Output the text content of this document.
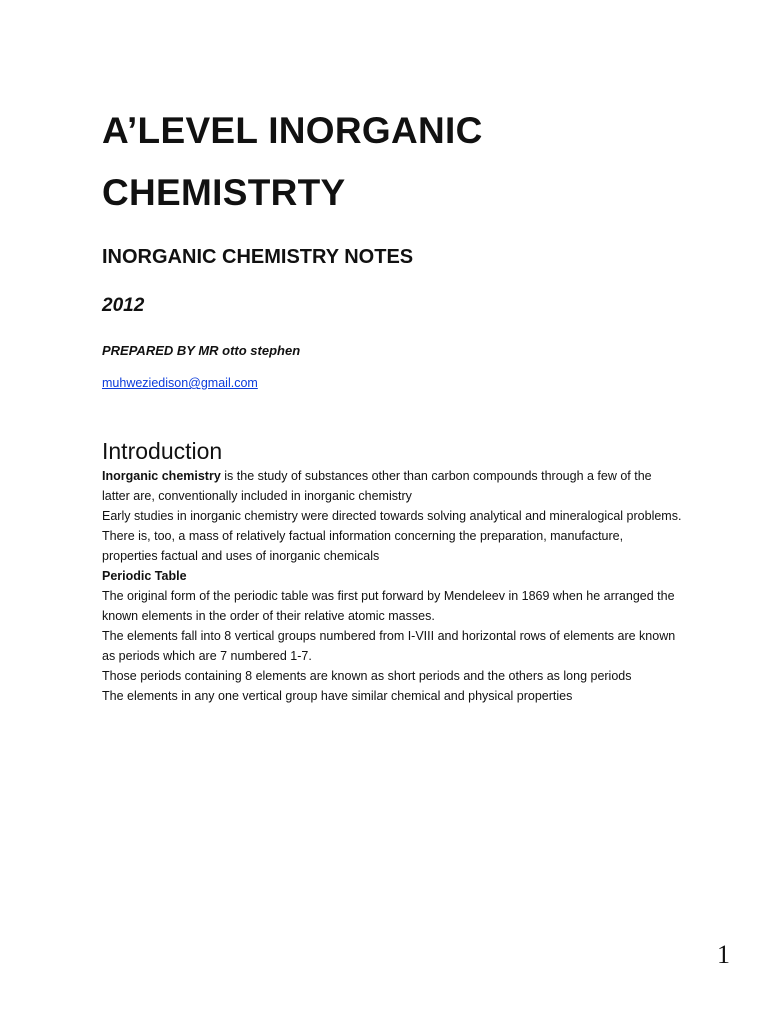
A’LEVEL INORGANIC
CHEMISTRTY
INORGANIC CHEMISTRY NOTES
2012
PREPARED BY MR otto stephen
muhweziedison@gmail.com
Introduction

Inorganic chemistry is the study of substances other than carbon compounds through a few of the latter are, conventionally included in inorganic chemistry

Early studies in inorganic chemistry were directed towards solving analytical and mineralogical problems. There is, too, a mass of relatively factual information concerning the preparation, manufacture, properties factual and uses of inorganic chemicals

Periodic Table

The original form of the periodic table was first put forward by Mendeleev in 1869 when he arranged the known elements in the order of their relative atomic masses.

The elements fall into 8 vertical groups numbered from I-VIII and horizontal rows of elements are known as periods which are 7 numbered 1-7.

Those periods containing 8 elements are known as short periods and the others as long periods

The elements in any one vertical group have similar chemical and physical properties

1
